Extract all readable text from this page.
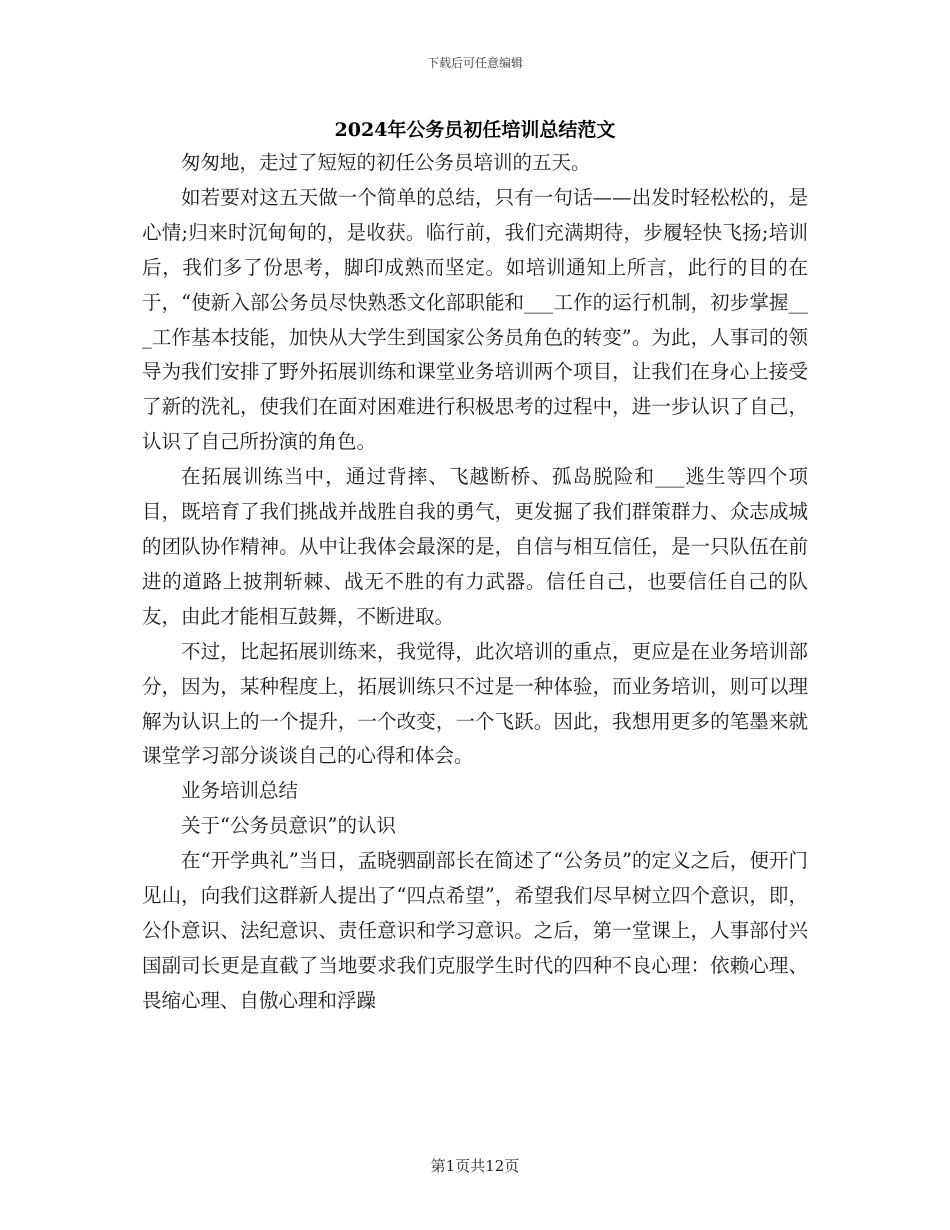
下载后可任意编辑
2024年公务员初任培训总结范文

匆匆地，走过了短短的初任公务员培训的五天。

如若要对这五天做一个简单的总结，只有一句话——出发时轻松松的，是心情;归来时沉甸甸的，是收获。临行前，我们充满期待，步履轻快飞扬;培训后，我们多了份思考，脚印成熟而坚定。如培训通知上所言，此行的目的在于，“使新入部公务员尽快熟悉文化部职能和___工作的运行机制，初步掌握___工作基本技能，加快从大学生到国家公务员角色的转变”。为此，人事司的领导为我们安排了野外拓展训练和课堂业务培训两个项目，让我们在身心上接受了新的洗礼，使我们在面对困难进行积极思考的过程中，进一步认识了自己，认识了自己所扮演的角色。

在拓展训练当中，通过背摔、飞越断桥、孤岛脱险和___逃生等四个项目，既培育了我们挑战并战胜自我的勇气，更发掘了我们群策群力、众志成城的团队协作精神。从中让我体会最深的是，自信与相互信任，是一只队伍在前进的道路上披荆斩棘、战无不胜的有力武器。信任自己，也要信任自己的队友，由此才能相互鼓舞，不断进取。

不过，比起拓展训练来，我觉得，此次培训的重点，更应是在业务培训部分，因为，某种程度上，拓展训练只不过是一种体验，而业务培训，则可以理解为认识上的一个提升，一个改变，一个飞跃。因此，我想用更多的笔墨来就课堂学习部分谈谈自己的心得和体会。

业务培训总结

关于“公务员意识”的认识

在“开学典礼”当日，孟晓驷副部长在简述了“公务员”的定义之后，便开门见山，向我们这群新人提出了“四点希望”，希望我们尽早树立四个意识，即，公仆意识、法纪意识、责任意识和学习意识。之后，第一堂课上，人事部付兴国副司长更是直截了当地要求我们克服学生时代的四种不良心理：依赖心理、畏缩心理、自傲心理和浮躁

第1页共12页
